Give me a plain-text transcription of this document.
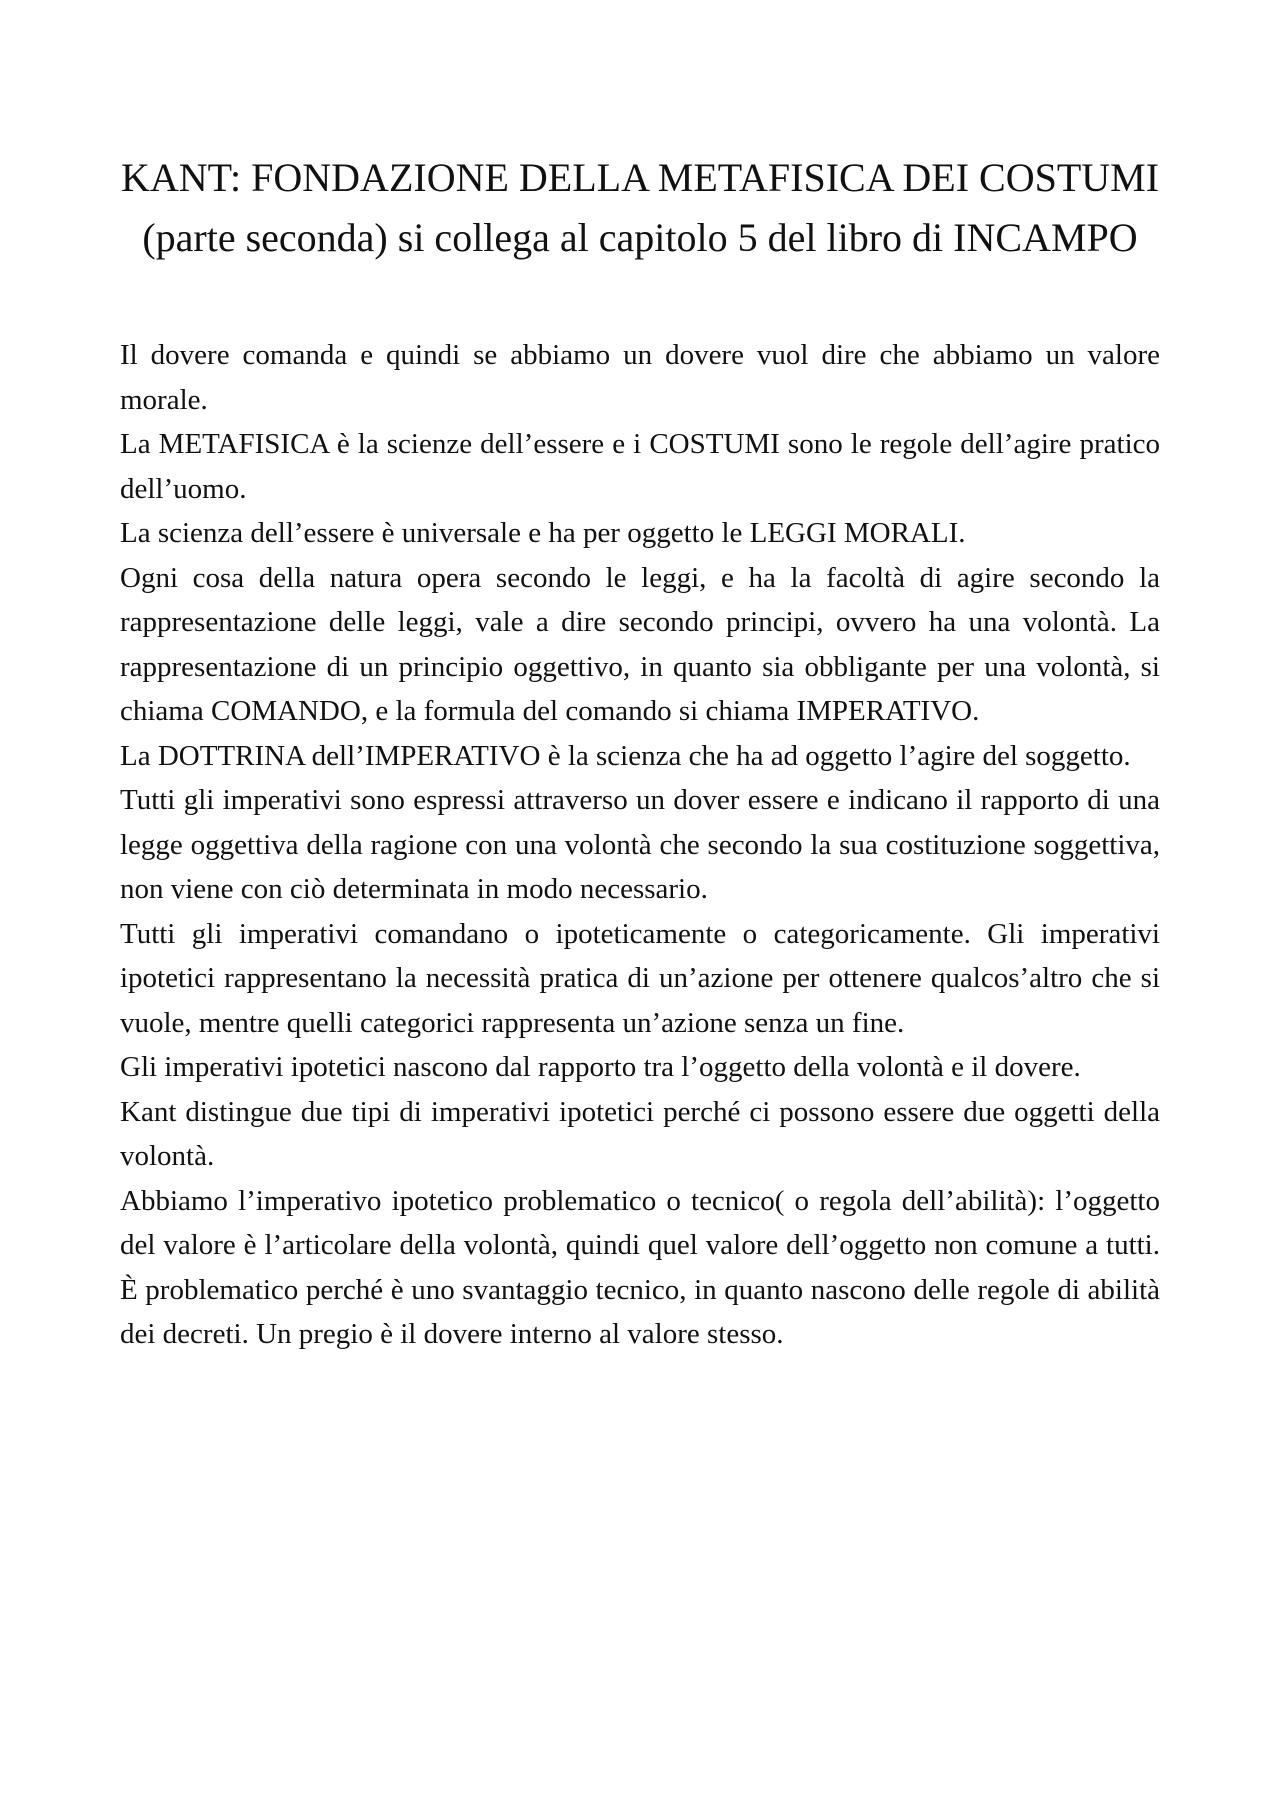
KANT: FONDAZIONE DELLA METAFISICA DEI COSTUMI (parte seconda) si collega al capitolo 5 del libro di INCAMPO

Il dovere comanda e quindi se abbiamo un dovere vuol dire che abbiamo un valore morale.

La METAFISICA è la scienze dell’essere e i COSTUMI sono le regole dell’agire pratico dell’uomo.

La scienza dell’essere è universale e ha per oggetto le LEGGI MORALI.

Ogni cosa della natura opera secondo le leggi, e ha la facoltà di agire secondo la rappresentazione delle leggi, vale a dire secondo principi, ovvero ha una volontà. La rappresentazione di un principio oggettivo, in quanto sia obbligante per una volontà, si chiama COMANDO, e la formula del comando si chiama IMPERATIVO.

La DOTTRINA dell’IMPERATIVO è la scienza che ha ad oggetto l’agire del soggetto.

Tutti gli imperativi sono espressi attraverso un dover essere e indicano il rapporto di una legge oggettiva della ragione con una volontà che secondo la sua costituzione soggettiva, non viene con ciò determinata in modo necessario.

Tutti gli imperativi comandano o ipoteticamente o categoricamente. Gli imperativi ipotetici rappresentano la necessità pratica di un’azione per ottenere qualcos’altro che si vuole, mentre quelli categorici rappresenta un’azione senza un fine.

Gli imperativi ipotetici nascono dal rapporto tra l’oggetto della volontà e il dovere.

Kant distingue due tipi di imperativi ipotetici perché ci possono essere due oggetti della volontà.

Abbiamo l’imperativo ipotetico problematico o tecnico( o regola dell’abilità): l’oggetto del valore è l’articolare della volontà, quindi quel valore dell’oggetto non comune a tutti. È problematico perché è uno svantaggio tecnico, in quanto nascono delle regole di abilità dei decreti. Un pregio è il dovere interno al valore stesso.
